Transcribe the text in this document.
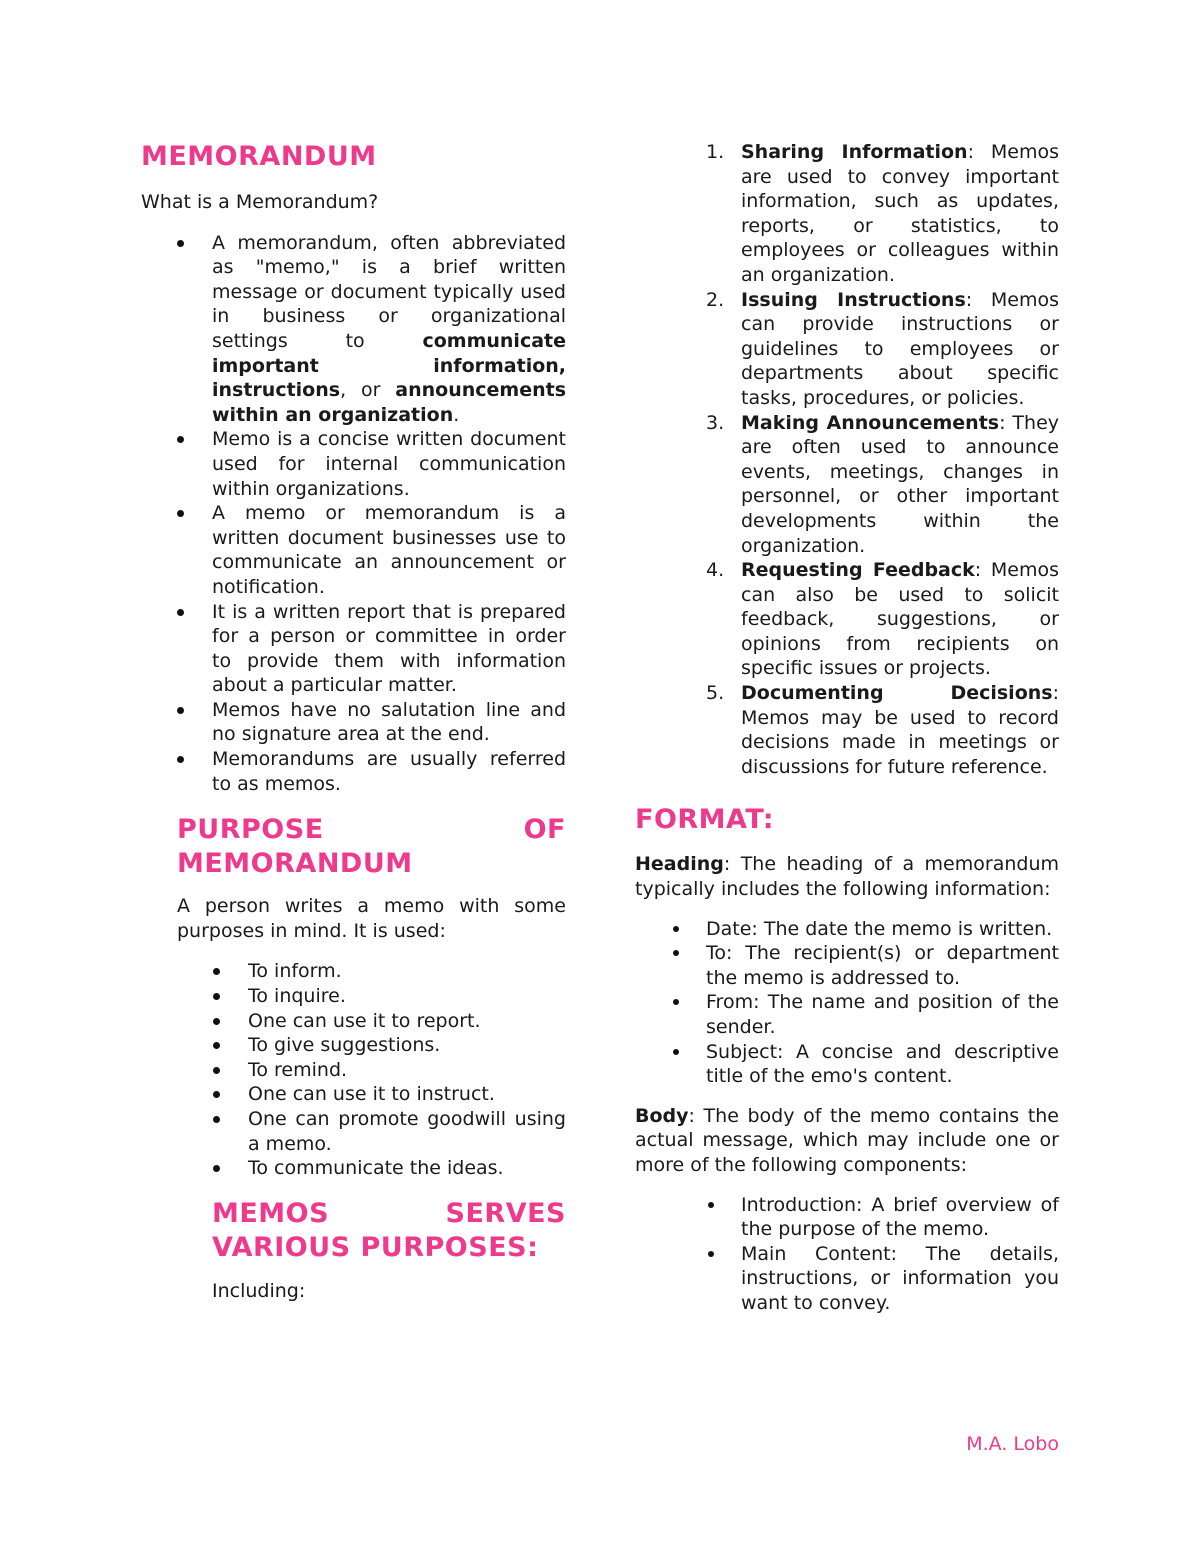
MEMORANDUM

What is a Memorandum?

A memorandum, often abbreviated as "memo," is a brief written message or document typically used in business or organizational settings to communicate important information, instructions, or announcements within an organization.
Memo is a concise written document used for internal communication within organizations.
A memo or memorandum is a written document businesses use to communicate an announcement or notification.
It is a written report that is prepared for a person or committee in order to provide them with information about a particular matter.
Memos have no salutation line and no signature area at the end.
Memorandums are usually referred to as memos.
PURPOSE OF MEMORANDUM

A person writes a memo with some purposes in mind. It is used:

To inform.
To inquire.
One can use it to report.
To give suggestions.
To remind.
One can use it to instruct.
One can promote goodwill using a memo.
To communicate the ideas.
MEMOS SERVES VARIOUS PURPOSES:

Including:

1. Sharing Information: Memos are used to convey important information, such as updates, reports, or statistics, to employees or colleagues within an organization.
2. Issuing Instructions: Memos can provide instructions or guidelines to employees or departments about specific tasks, procedures, or policies.
3. Making Announcements: They are often used to announce events, meetings, changes in personnel, or other important developments within the organization.
4. Requesting Feedback: Memos can also be used to solicit feedback, suggestions, or opinions from recipients on specific issues or projects.
5. Documenting Decisions: Memos may be used to record decisions made in meetings or discussions for future reference.
FORMAT:

Heading: The heading of a memorandum typically includes the following information:

Date: The date the memo is written.
To: The recipient(s) or department the memo is addressed to.
From: The name and position of the sender.
Subject: A concise and descriptive title of the emo's content.

Body: The body of the memo contains the actual message, which may include one or more of the following components:

Introduction: A brief overview of the purpose of the memo.
Main Content: The details, instructions, or information you want to convey.
M.A. Lobo
